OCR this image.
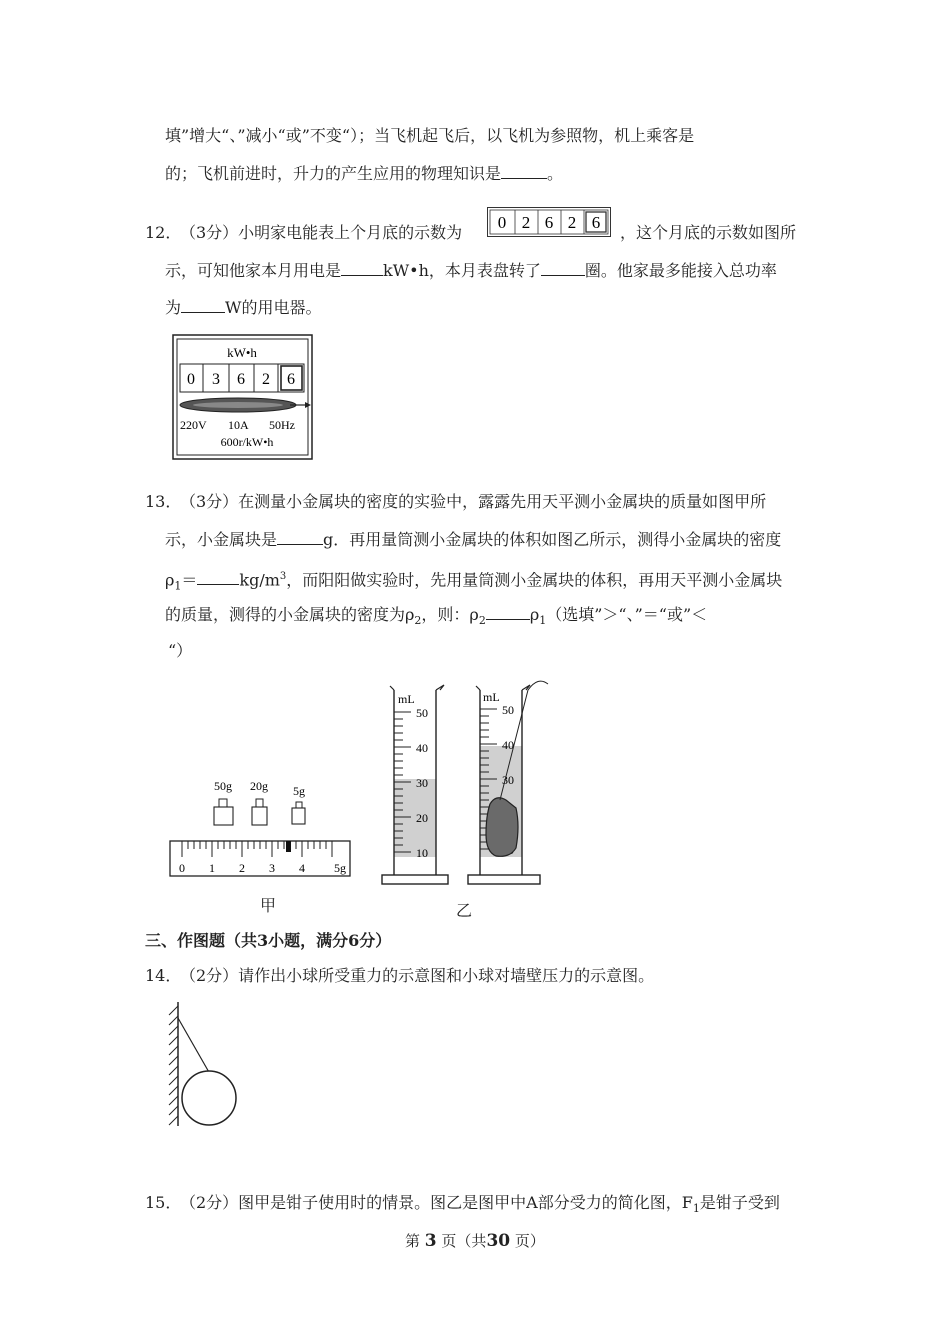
填”增大“、”减小“或”不变“）；当飞机起飞后，以飞机为参照物，机上乘客是
的；飞机前进时，升力的产生应用的物理知识是	。
12．
（3分）小明家电能表上个月底的示数为
0 2 6 2 6
，这个月底的示数如图所
示，可知他家本月用电是	kW•h，本月表盘转了	圈。他家最多能接入总功率
为	W的用电器。
kW•h
0 3 6 2 6
220V 10A 50Hz
600r/kW•h
13．
（3分）在测量小金属块的密度的实验中，露露先用天平测小金属块的质量如图甲所
示，小金属块是	g．再用量筒测小金属块的体积如图乙所示，测得小金属块的密度
$\rho_1=$	$kg/m^3$，而阳阳做实验时，先用量筒测小金属块的体积，再用天平测小金属块
的质量，测得的小金属块的密度为$\rho_2$，则：$\rho_2$	$\rho_1$（选填”＞“、”＝“或”＜
“）
50g 20g 5g
0 1 2 3 4 5g
mL
50
40
30
20
10
mL
50
40
30
甲	乙
三、作图题（共3小题，满分6分）
14．
（2分）请作出小球所受重力的示意图和小球对墙壁压力的示意图。
15．
（2分）图甲是钳子使用时的情景。图乙是图甲中A部分受力的简化图，$F_1$是钳子受到
第 3 页（共30 页）
